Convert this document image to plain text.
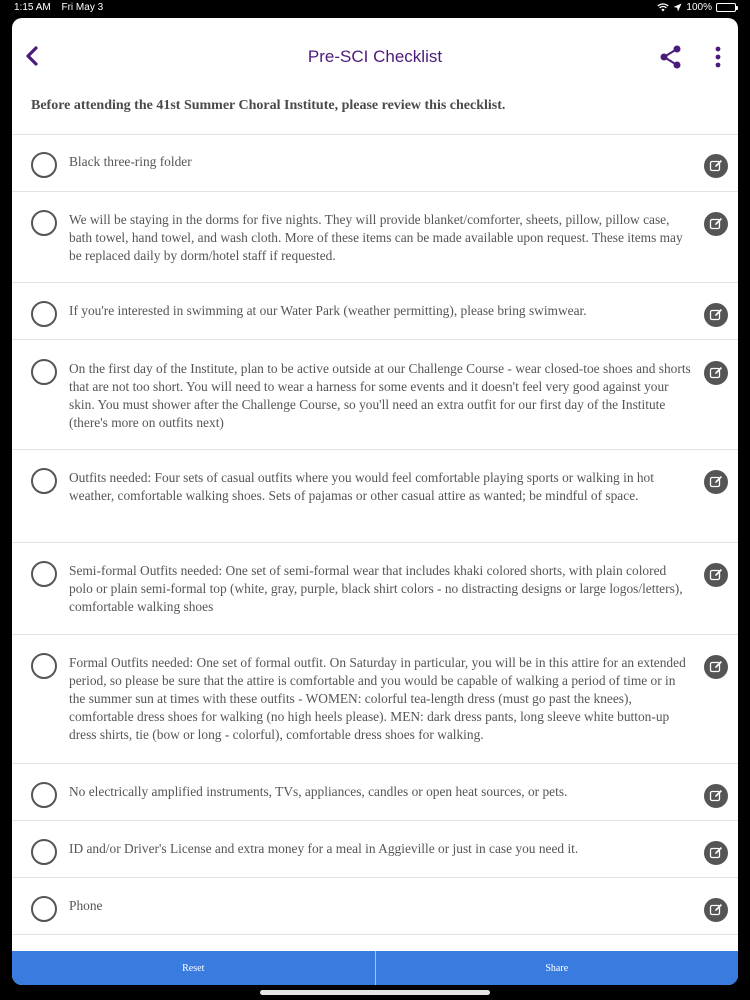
1:15 AM Fri May 3	100%
Pre-SCI Checklist
Before attending the 41st Summer Choral Institute, please review this checklist.
Black three-ring folder
We will be staying in the dorms for five nights. They will provide blanket/comforter, sheets, pillow, pillow case, bath towel, hand towel, and wash cloth. More of these items can be made available upon request. These items may be replaced daily by dorm/hotel staff if requested.
If you're interested in swimming at our Water Park (weather permitting), please bring swimwear.
On the first day of the Institute, plan to be active outside at our Challenge Course - wear closed-toe shoes and shorts that are not too short. You will need to wear a harness for some events and it doesn't feel very good against your skin. You must shower after the Challenge Course, so you'll need an extra outfit for our first day of the Institute (there's more on outfits next)
Outfits needed: Four sets of casual outfits where you would feel comfortable playing sports or walking in hot weather, comfortable walking shoes. Sets of pajamas or other casual attire as wanted; be mindful of space.
Semi-formal Outfits needed: One set of semi-formal wear that includes khaki colored shorts, with plain colored polo or plain semi-formal top (white, gray, purple, black shirt colors - no distracting designs or large logos/letters), comfortable walking shoes
Formal Outfits needed: One set of formal outfit. On Saturday in particular, you will be in this attire for an extended period, so please be sure that the attire is comfortable and you would be capable of walking a period of time or in the summer sun at times with these outfits - WOMEN: colorful tea-length dress (must go past the knees), comfortable dress shoes for walking (no high heels please). MEN: dark dress pants, long sleeve white button-up dress shirts, tie (bow or long - colorful), comfortable dress shoes for walking.
No electrically amplified instruments, TVs, appliances, candles or open heat sources, or pets.
ID and/or Driver's License and extra money for a meal in Aggieville or just in case you need it.
Phone
Reset	Share
